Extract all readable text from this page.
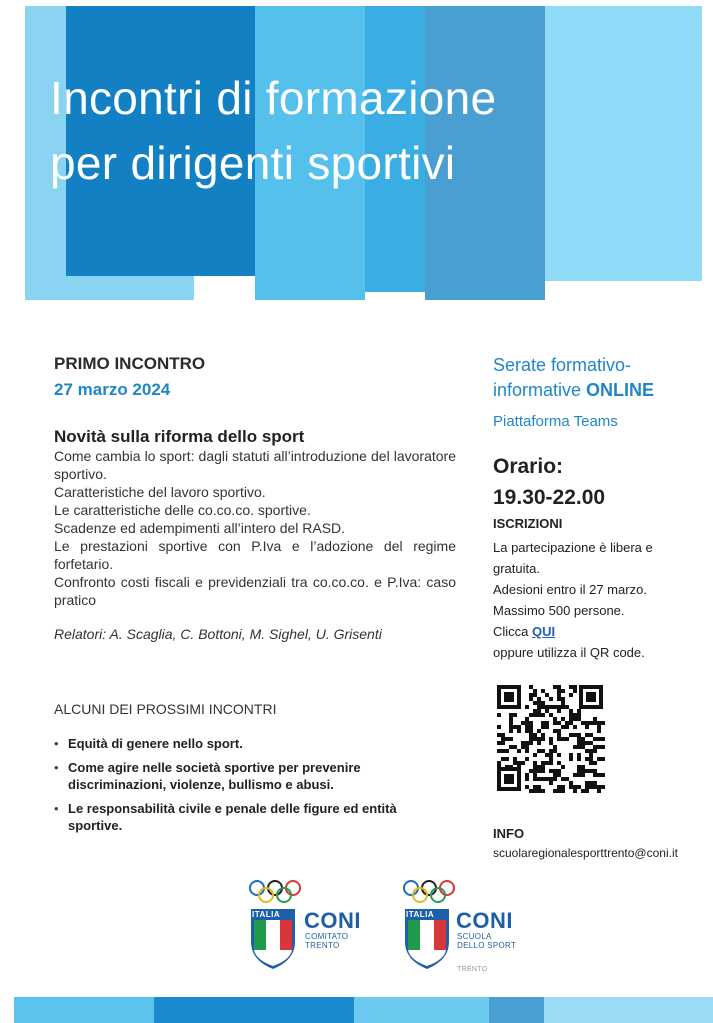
Incontri di formazione
per dirigenti sportivi
PRIMO INCONTRO
27 marzo 2024
Novità sulla riforma dello sport

Come cambia lo sport: dagli statuti all’introduzione del lavoratore sportivo.

Caratteristiche del lavoro sportivo.

Le caratteristiche delle co.co.co. sportive.

Scadenze ed adempimenti all’intero del RASD.

Le prestazioni sportive con P.Iva e l’adozione del regime forfetario.

Confronto costi fiscali e previdenziali tra co.co.co. e P.Iva: caso pratico

Relatori: A. Scaglia, C. Bottoni, M. Sighel, U. Grisenti
ALCUNI DEI PROSSIMI INCONTRI
• Equità di genere nello sport.
• Come agire nelle società sportive per prevenire discriminazioni, violenze, bullismo e abusi.
• Le responsabilità civile e penale delle figure ed entità sportive.
Serate formativo-
informative ONLINE
Piattaforma Teams
Orario:
19.30-22.00
ISCRIZIONI

La partecipazione è libera e gratuita.

Adesioni entro il 27 marzo.

Massimo 500 persone.

Clicca QUI

oppure utilizza il QR code.

INFO
scuolaregionalesporttrento@coni.it
ITALIA CONI
COMITATO
TRENTO
ITALIA CONI
SCUOLA
DELLO SPORT
TRENTO
